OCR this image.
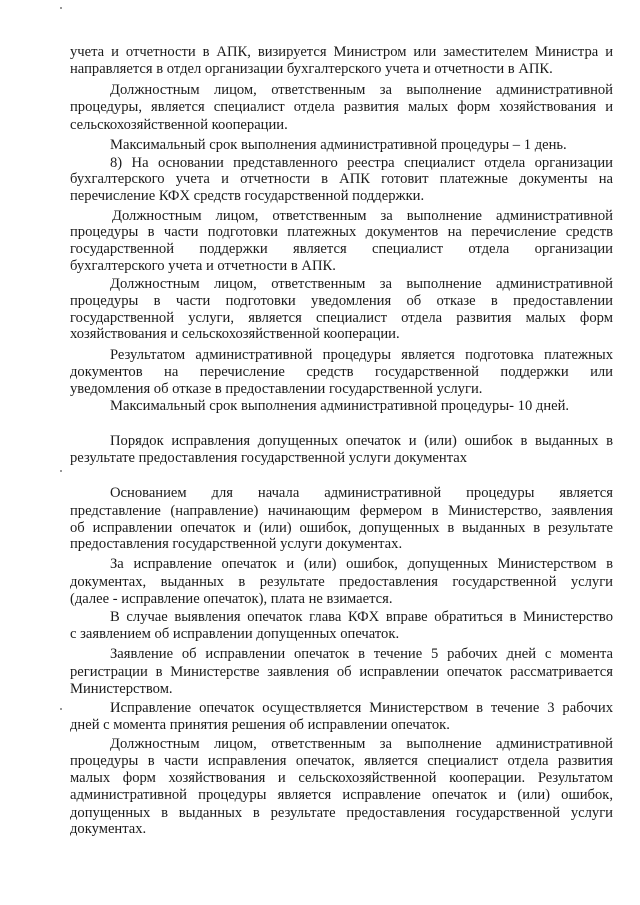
учета и отчетности в АПК, визируется Министром или заместителем Министра и
направляется в отдел организации бухгалтерского учета и отчетности в АПК.
Должностным лицом, ответственным за выполнение административной
процедуры, является специалист отдела развития малых форм хозяйствования и
сельскохозяйственной кооперации.
Максимальный срок выполнения административной процедуры – 1 день.
8) На основании представленного реестра специалист отдела организации
бухгалтерского учета и отчетности в АПК готовит платежные документы на
перечисление КФХ средств государственной поддержки.
Должностным лицом, ответственным за выполнение административной
процедуры в части подготовки платежных документов на перечисление средств
государственной поддержки является специалист отдела организации
бухгалтерского учета и отчетности в АПК.
Должностным лицом, ответственным за выполнение административной
процедуры в части подготовки уведомления об отказе в предоставлении
государственной услуги, является специалист отдела развития малых форм
хозяйствования и сельскохозяйственной кооперации.
Результатом административной процедуры является подготовка платежных
документов на перечисление средств государственной поддержки или
уведомления об отказе в предоставлении государственной услуги.
Максимальный срок выполнения административной процедуры- 10 дней.
Порядок исправления допущенных опечаток и (или) ошибок в выданных в
результате предоставления государственной услуги документах
Основанием для начала административной процедуры является
представление (направление) начинающим фермером в Министерство, заявления
об исправлении опечаток и (или) ошибок, допущенных в выданных в результате
предоставления государственной услуги документах.
За исправление опечаток и (или) ошибок, допущенных Министерством в
документах, выданных в результате предоставления государственной услуги
(далее - исправление опечаток), плата не взимается.
В случае выявления опечаток глава КФХ вправе обратиться в Министерство
с заявлением об исправлении допущенных опечаток.
Заявление об исправлении опечаток в течение 5 рабочих дней с момента
регистрации в Министерстве заявления об исправлении опечаток рассматривается
Министерством.
Исправление опечаток осуществляется Министерством в течение 3 рабочих
дней с момента принятия решения об исправлении опечаток.
Должностным лицом, ответственным за выполнение административной
процедуры в части исправления опечаток, является специалист отдела развития
малых форм хозяйствования и сельскохозяйственной кооперации. Результатом
административной процедуры является исправление опечаток и (или) ошибок,
допущенных в выданных в результате предоставления государственной услуги
документах.
